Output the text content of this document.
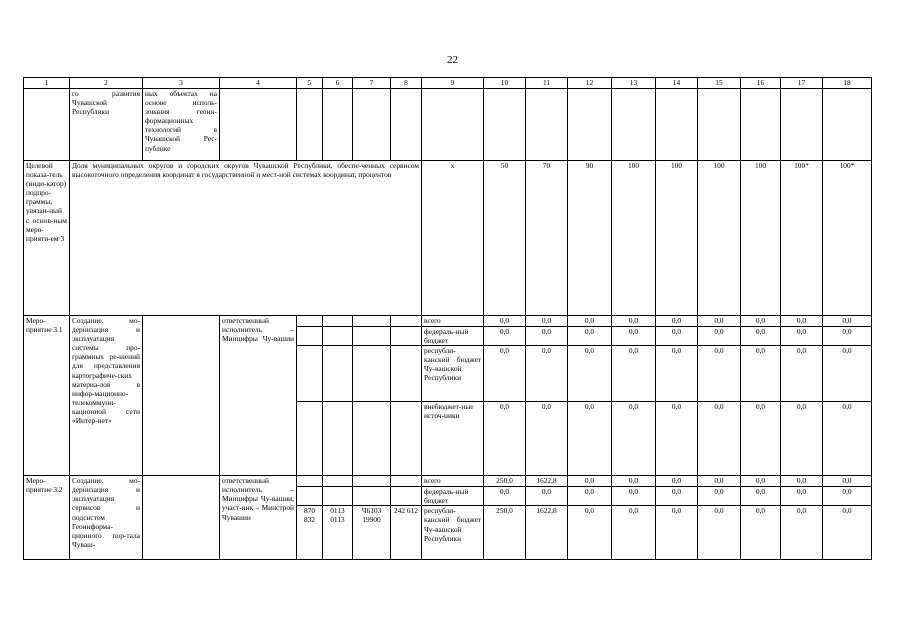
22
1	2	3	4	5	6	7	8	9	10	11	12	13	14	15	16	17	18
	го развития Чувашской Республики	ных объектах на основе исполь-зования геоин-формационных технологий в Чувашской Рес-публике															
Целевой показа-тель (инди-катор) подпро-граммы, увязан-ный с основ-ным меро-прияти-ем 3	Доля муниципальных округов и городских округов Чувашской Республики, обеспе-ченных сервисом высокоточного определения координат в государственной и мест-ной системах координат, процентов							х	50	70	90	100	100	100	100	100*	100*
Меро-приятие 3.1	Создание, мо-дернизация и эксплуатация системы про-граммных ре-шений для представления картографиче-ских материа-лов в инфор-мационно-телекоммуни-кационной сети «Интер-нет»		ответственный исполнитель – Минцифры Чу-вашии					всего	0,0	0,0	0,0	0,0	0,0	0,0	0,0	0,0	0,0
								федераль-ный бюджет	0,0	0,0	0,0	0,0	0,0	0,0	0,0	0,0	0,0
								республи-канский бюджет Чу-вашской Республики	0,0	0,0	0,0	0,0	0,0	0,0	0,0	0,0	0,0
								внебюджет-ные источ-ники	0,0	0,0	0,0	0,0	0,0	0,0	0,0	0,0	0,0
Меро-приятие 3.2	Создание, мо-дернизация и эксплуатация сервисов и подсистем Геоинформа-ционного пор-тала Чуваш-		ответственный исполнитель – Минцифры Чу-вашии, участ-ник – Минстрой Чувашии					всего	250,0	1622,8	0,0	0,0	0,0	0,0	0,0	0,0	0,0
								федераль-ный бюджет	0,0	0,0	0,0	0,0	0,0	0,0	0,0	0,0	0,0
				870 832	0113 0113	Ч6103 19900	242 612	республи-канский бюджет Чу-вашской Республики	250,0	1622,8	0,0	0,0	0,0	0,0	0,0	0,0	0,0
